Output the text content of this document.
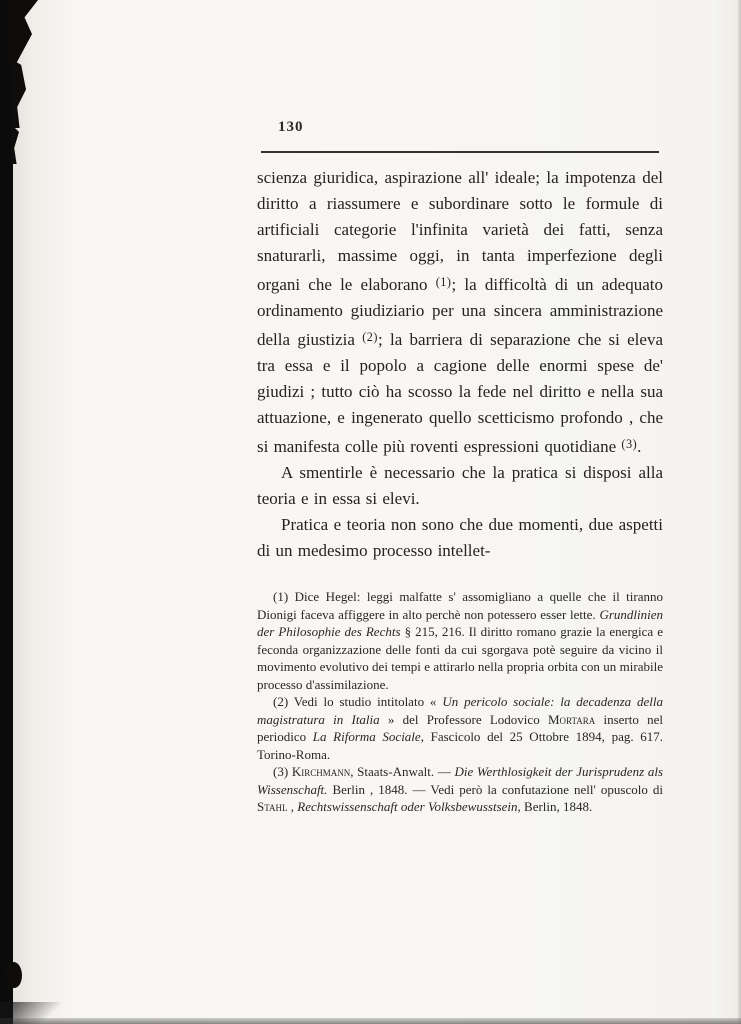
130

scienza giuridica, aspirazione all' ideale; la impotenza del diritto a riassumere e subordinare sotto le formule di artificiali categorie l'infinita varietà dei fatti, senza snaturarli, massime oggi, in tanta imperfezione degli organi che le elaborano $^{(1)}$; la difficoltà di un adequato ordinamento giudiziario per una sincera amministrazione della giustizia $^{(2)}$; la barriera di separazione che si eleva tra essa e il popolo a cagione delle enormi spese de' giudizi ; tutto ciò ha scosso la fede nel diritto e nella sua attuazione, e ingenerato quello scetticismo profondo , che si manifesta colle più roventi espressioni quotidiane $^{(3)}$.

A smentirle è necessario che la pratica si disposi alla teoria e in essa si elevi.

Pratica e teoria non sono che due momenti, due aspetti di un medesimo processo intellet-

(1) Dice Hegel: leggi malfatte s' assomigliano a quelle che il tiranno Dionigi faceva affiggere in alto perchè non potessero esser lette. Grundlinien der Philosophie des Rechts § 215, 216. Il diritto romano grazie la energica e feconda organizzazione delle fonti da cui sgorgava potè seguire da vicino il movimento evolutivo dei tempi e attirarlo nella propria orbita con un mirabile processo d'assimilazione.

(2) Vedi lo studio intitolato « Un pericolo sociale: la decadenza della magistratura in Italia » del Professore Lodovico Mortara inserto nel periodico La Riforma Sociale, Fascicolo del 25 Ottobre 1894, pag. 617. Torino-Roma.

(3) Kirchmann, Staats-Anwalt. — Die Werthlosigkeit der Jurisprudenz als Wissenschaft. Berlin , 1848. — Vedi però la confutazione nell' opuscolo di Stahl , Rechtswissenschaft oder Volksbewusstsein, Berlin, 1848.
